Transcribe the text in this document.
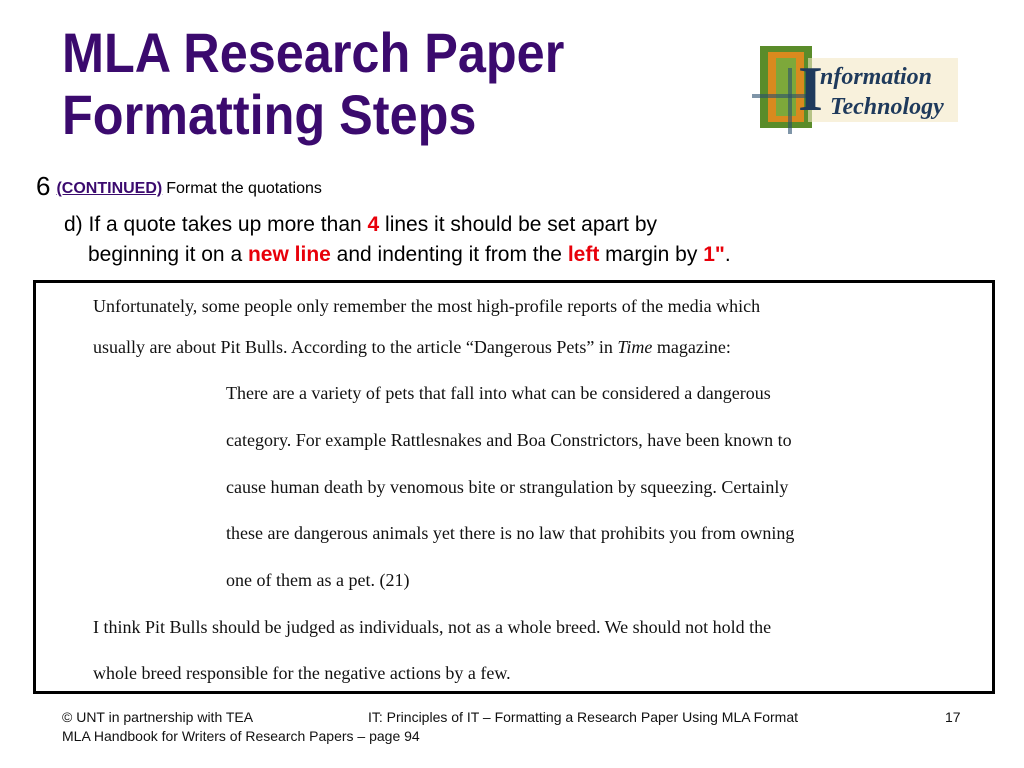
MLA Research Paper
Formatting Steps	I
nformation
Technology
6 (CONTINUED) Format the quotations
d) If a quote takes up more than 4 lines it should be set apart by
beginning it on a new line and indenting it from the left margin by 1".
Unfortunately, some people only remember the most high-profile reports of the media which
usually are about Pit Bulls. According to the article “Dangerous Pets” in Time magazine:
There are a variety of pets that fall into what can be considered a dangerous
category. For example Rattlesnakes and Boa Constrictors, have been known to
cause human death by venomous bite or strangulation by squeezing. Certainly
these are dangerous animals yet there is no law that prohibits you from owning
one of them as a pet. (21)
I think Pit Bulls should be judged as individuals, not as a whole breed. We should not hold the
whole breed responsible for the negative actions by a few.
© UNT in partnership with TEA	IT: Principles of IT – Formatting a Research Paper Using MLA Format	17
MLA Handbook for Writers of Research Papers – page 94
